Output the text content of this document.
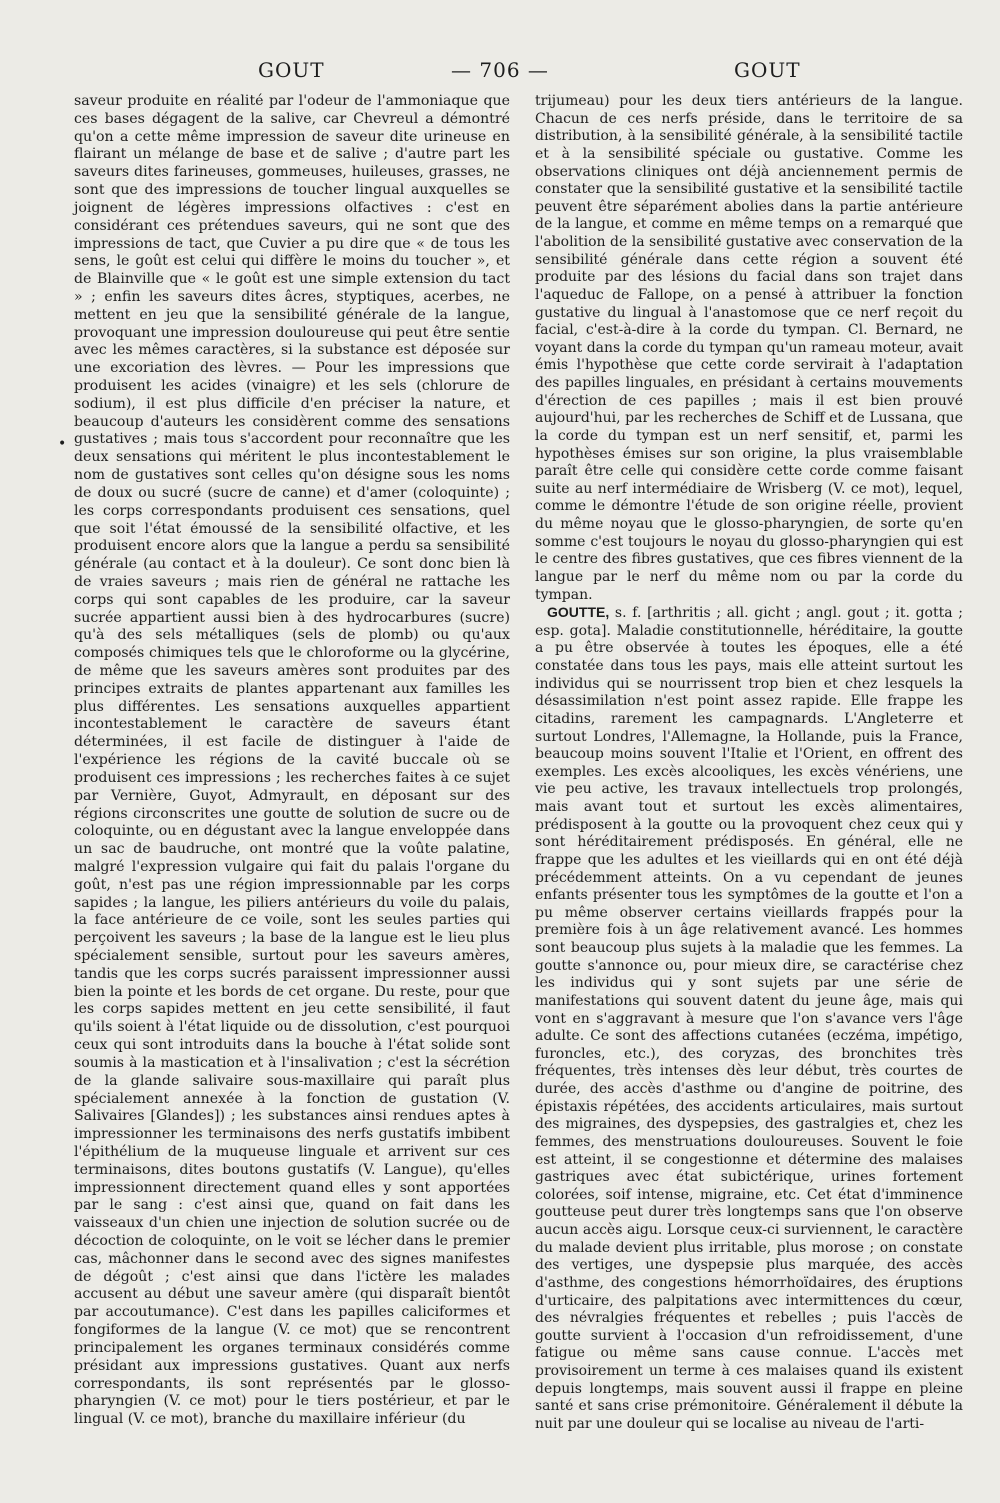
GOUT	— 706 —	GOUT
•

saveur produite en réalité par l'odeur de l'ammoniaque que ces bases dégagent de la salive, car Chevreul a démontré qu'on a cette même impression de saveur dite urineuse en flairant un mélange de base et de salive ; d'autre part les saveurs dites farineuses, gommeuses, huileuses, grasses, ne sont que des impressions de toucher lingual auxquelles se joignent de légères impressions olfactives : c'est en considérant ces prétendues saveurs, qui ne sont que des impressions de tact, que Cuvier a pu dire que « de tous les sens, le goût est celui qui diffère le moins du toucher », et de Blainville que « le goût est une simple extension du tact » ; enfin les saveurs dites âcres, styptiques, acerbes, ne mettent en jeu que la sensibilité générale de la langue, provoquant une impression douloureuse qui peut être sentie avec les mêmes caractères, si la substance est déposée sur une excoriation des lèvres. — Pour les impressions que produisent les acides (vinaigre) et les sels (chlorure de sodium), il est plus difficile d'en préciser la nature, et beaucoup d'auteurs les considèrent comme des sensations gustatives ; mais tous s'accordent pour reconnaître que les deux sensations qui méritent le plus incontestablement le nom de gustatives sont celles qu'on désigne sous les noms de doux ou sucré (sucre de canne) et d'amer (coloquinte) ; les corps correspondants produisent ces sensations, quel que soit l'état émoussé de la sensibilité olfactive, et les produisent encore alors que la langue a perdu sa sensibilité générale (au contact et à la douleur). Ce sont donc bien là de vraies saveurs ; mais rien de général ne rattache les corps qui sont capables de les produire, car la saveur sucrée appartient aussi bien à des hydrocarbures (sucre) qu'à des sels métalliques (sels de plomb) ou qu'aux composés chimiques tels que le chloroforme ou la glycérine, de même que les saveurs amères sont produites par des principes extraits de plantes appartenant aux familles les plus différentes. Les sensations auxquelles appartient incontestablement le caractère de saveurs étant déterminées, il est facile de distinguer à l'aide de l'expérience les régions de la cavité buccale où se produisent ces impressions ; les recherches faites à ce sujet par Vernière, Guyot, Admyrault, en déposant sur des régions circonscrites une goutte de solution de sucre ou de coloquinte, ou en dégustant avec la langue enveloppée dans un sac de baudruche, ont montré que la voûte palatine, malgré l'expression vulgaire qui fait du palais l'organe du goût, n'est pas une région impressionnable par les corps sapides ; la langue, les piliers antérieurs du voile du palais, la face antérieure de ce voile, sont les seules parties qui perçoivent les saveurs ; la base de la langue est le lieu plus spécialement sensible, surtout pour les saveurs amères, tandis que les corps sucrés paraissent impressionner aussi bien la pointe et les bords de cet organe. Du reste, pour que les corps sapides mettent en jeu cette sensibilité, il faut qu'ils soient à l'état liquide ou de dissolution, c'est pourquoi ceux qui sont introduits dans la bouche à l'état solide sont soumis à la mastication et à l'insalivation ; c'est la sécrétion de la glande salivaire sous-maxillaire qui paraît plus spécialement annexée à la fonction de gustation (V. Salivaires [Glandes]) ; les substances ainsi rendues aptes à impressionner les terminaisons des nerfs gustatifs imbibent l'épithélium de la muqueuse linguale et arrivent sur ces terminaisons, dites boutons gustatifs (V. Langue), qu'elles impressionnent directement quand elles y sont apportées par le sang : c'est ainsi que, quand on fait dans les vaisseaux d'un chien une injection de solution sucrée ou de décoction de coloquinte, on le voit se lécher dans le premier cas, mâchonner dans le second avec des signes manifestes de dégoût ; c'est ainsi que dans l'ictère les malades accusent au début une saveur amère (qui disparaît bientôt par accoutumance). C'est dans les papilles caliciformes et fongiformes de la langue (V. ce mot) que se rencontrent principalement les organes terminaux considérés comme présidant aux impressions gustatives. Quant aux nerfs correspondants, ils sont représentés par le glosso-pharyngien (V. ce mot) pour le tiers postérieur, et par le lingual (V. ce mot), branche du maxillaire inférieur (du

trijumeau) pour les deux tiers antérieurs de la langue. Chacun de ces nerfs préside, dans le territoire de sa distribution, à la sensibilité générale, à la sensibilité tactile et à la sensibilité spéciale ou gustative. Comme les observations cliniques ont déjà anciennement permis de constater que la sensibilité gustative et la sensibilité tactile peuvent être séparément abolies dans la partie antérieure de la langue, et comme en même temps on a remarqué que l'abolition de la sensibilité gustative avec conservation de la sensibilité générale dans cette région a souvent été produite par des lésions du facial dans son trajet dans l'aqueduc de Fallope, on a pensé à attribuer la fonction gustative du lingual à l'anastomose que ce nerf reçoit du facial, c'est-à-dire à la corde du tympan. Cl. Bernard, ne voyant dans la corde du tympan qu'un rameau moteur, avait émis l'hypothèse que cette corde servirait à l'adaptation des papilles linguales, en présidant à certains mouvements d'érection de ces papilles ; mais il est bien prouvé aujourd'hui, par les recherches de Schiff et de Lussana, que la corde du tympan est un nerf sensitif, et, parmi les hypothèses émises sur son origine, la plus vraisemblable paraît être celle qui considère cette corde comme faisant suite au nerf intermédiaire de Wrisberg (V. ce mot), lequel, comme le démontre l'étude de son origine réelle, provient du même noyau que le glosso-pharyngien, de sorte qu'en somme c'est toujours le noyau du glosso-pharyngien qui est le centre des fibres gustatives, que ces fibres viennent de la langue par le nerf du même nom ou par la corde du tympan.

GOUTTE, s. f. [arthritis ; all. gicht ; angl. gout ; it. gotta ; esp. gota]. Maladie constitutionnelle, héréditaire, la goutte a pu être observée à toutes les époques, elle a été constatée dans tous les pays, mais elle atteint surtout les individus qui se nourrissent trop bien et chez lesquels la désassimilation n'est point assez rapide. Elle frappe les citadins, rarement les campagnards. L'Angleterre et surtout Londres, l'Allemagne, la Hollande, puis la France, beaucoup moins souvent l'Italie et l'Orient, en offrent des exemples. Les excès alcooliques, les excès vénériens, une vie peu active, les travaux intellectuels trop prolongés, mais avant tout et surtout les excès alimentaires, prédisposent à la goutte ou la provoquent chez ceux qui y sont héréditairement prédisposés. En général, elle ne frappe que les adultes et les vieillards qui en ont été déjà précédemment atteints. On a vu cependant de jeunes enfants présenter tous les symptômes de la goutte et l'on a pu même observer certains vieillards frappés pour la première fois à un âge relativement avancé. Les hommes sont beaucoup plus sujets à la maladie que les femmes. La goutte s'annonce ou, pour mieux dire, se caractérise chez les individus qui y sont sujets par une série de manifestations qui souvent datent du jeune âge, mais qui vont en s'aggravant à mesure que l'on s'avance vers l'âge adulte. Ce sont des affections cutanées (eczéma, impétigo, furoncles, etc.), des coryzas, des bronchites très fréquentes, très intenses dès leur début, très courtes de durée, des accès d'asthme ou d'angine de poitrine, des épistaxis répétées, des accidents articulaires, mais surtout des migraines, des dyspepsies, des gastralgies et, chez les femmes, des menstruations douloureuses. Souvent le foie est atteint, il se congestionne et détermine des malaises gastriques avec état subictérique, urines fortement colorées, soif intense, migraine, etc. Cet état d'imminence goutteuse peut durer très longtemps sans que l'on observe aucun accès aigu. Lorsque ceux-ci surviennent, le caractère du malade devient plus irritable, plus morose ; on constate des vertiges, une dyspepsie plus marquée, des accès d'asthme, des congestions hémorrhoïdaires, des éruptions d'urticaire, des palpitations avec intermittences du cœur, des névralgies fréquentes et rebelles ; puis l'accès de goutte survient à l'occasion d'un refroidissement, d'une fatigue ou même sans cause connue. L'accès met provisoirement un terme à ces malaises quand ils existent depuis longtemps, mais souvent aussi il frappe en pleine santé et sans crise prémonitoire. Généralement il débute la nuit par une douleur qui se localise au niveau de l'arti-
